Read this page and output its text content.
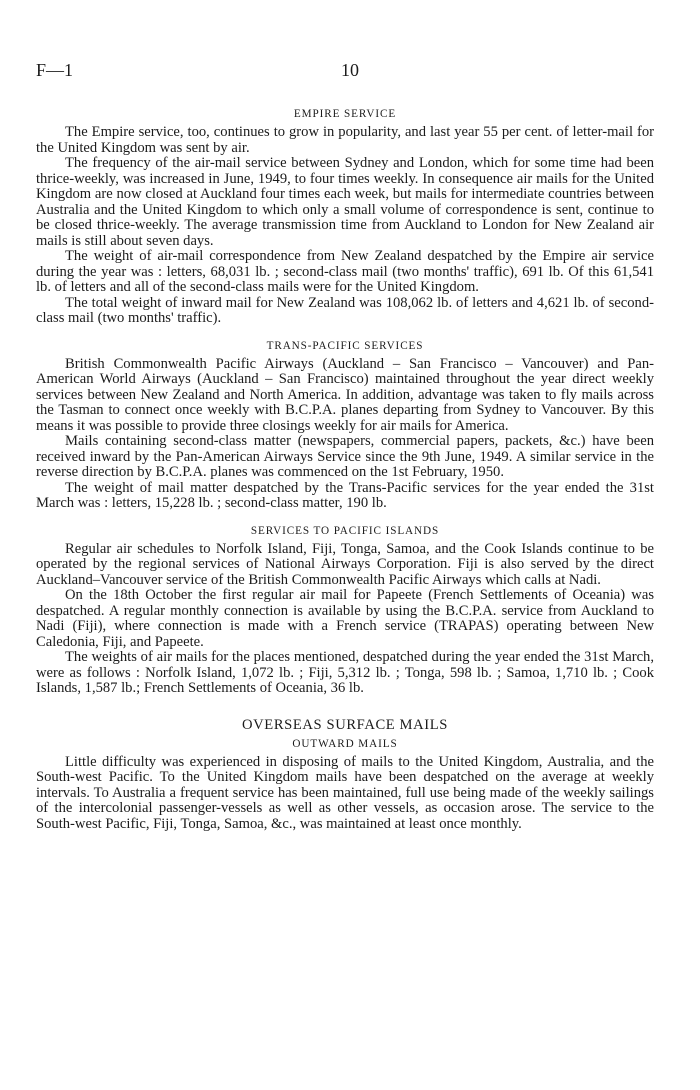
F—1	10
EMPIRE SERVICE

The Empire service, too, continues to grow in popularity, and last year 55 per cent. of letter-mail for the United Kingdom was sent by air.

The frequency of the air-mail service between Sydney and London, which for some time had been thrice-weekly, was increased in June, 1949, to four times weekly. In consequence air mails for the United Kingdom are now closed at Auckland four times each week, but mails for intermediate countries between Australia and the United Kingdom to which only a small volume of correspondence is sent, continue to be closed thrice-weekly. The average transmission time from Auckland to London for New Zealand air mails is still about seven days.

The weight of air-mail correspondence from New Zealand despatched by the Empire air service during the year was : letters, 68,031 lb. ; second-class mail (two months' traffic), 691 lb. Of this 61,541 lb. of letters and all of the second-class mails were for the United Kingdom.

The total weight of inward mail for New Zealand was 108,062 lb. of letters and 4,621 lb. of second-class mail (two months' traffic).

TRANS-PACIFIC SERVICES

British Commonwealth Pacific Airways (Auckland – San Francisco – Vancouver) and Pan-American World Airways (Auckland – San Francisco) maintained throughout the year direct weekly services between New Zealand and North America. In addition, advantage was taken to fly mails across the Tasman to connect once weekly with B.C.P.A. planes departing from Sydney to Vancouver. By this means it was possible to provide three closings weekly for air mails for America.

Mails containing second-class matter (newspapers, commercial papers, packets, &c.) have been received inward by the Pan-American Airways Service since the 9th June, 1949. A similar service in the reverse direction by B.C.P.A. planes was commenced on the 1st February, 1950.

The weight of mail matter despatched by the Trans-Pacific services for the year ended the 31st March was : letters, 15,228 lb. ; second-class matter, 190 lb.

SERVICES TO PACIFIC ISLANDS

Regular air schedules to Norfolk Island, Fiji, Tonga, Samoa, and the Cook Islands continue to be operated by the regional services of National Airways Corporation. Fiji is also served by the direct Auckland–Vancouver service of the British Commonwealth Pacific Airways which calls at Nadi.

On the 18th October the first regular air mail for Papeete (French Settlements of Oceania) was despatched. A regular monthly connection is available by using the B.C.P.A. service from Auckland to Nadi (Fiji), where connection is made with a French service (TRAPAS) operating between New Caledonia, Fiji, and Papeete.

The weights of air mails for the places mentioned, despatched during the year ended the 31st March, were as follows : Norfolk Island, 1,072 lb. ; Fiji, 5,312 lb. ; Tonga, 598 lb. ; Samoa, 1,710 lb. ; Cook Islands, 1,587 lb.; French Settlements of Oceania, 36 lb.

OVERSEAS SURFACE MAILS
OUTWARD MAILS

Little difficulty was experienced in disposing of mails to the United Kingdom, Australia, and the South-west Pacific. To the United Kingdom mails have been despatched on the average at weekly intervals. To Australia a frequent service has been maintained, full use being made of the weekly sailings of the intercolonial passenger-vessels as well as other vessels, as occasion arose. The service to the South-west Pacific, Fiji, Tonga, Samoa, &c., was maintained at least once monthly.
